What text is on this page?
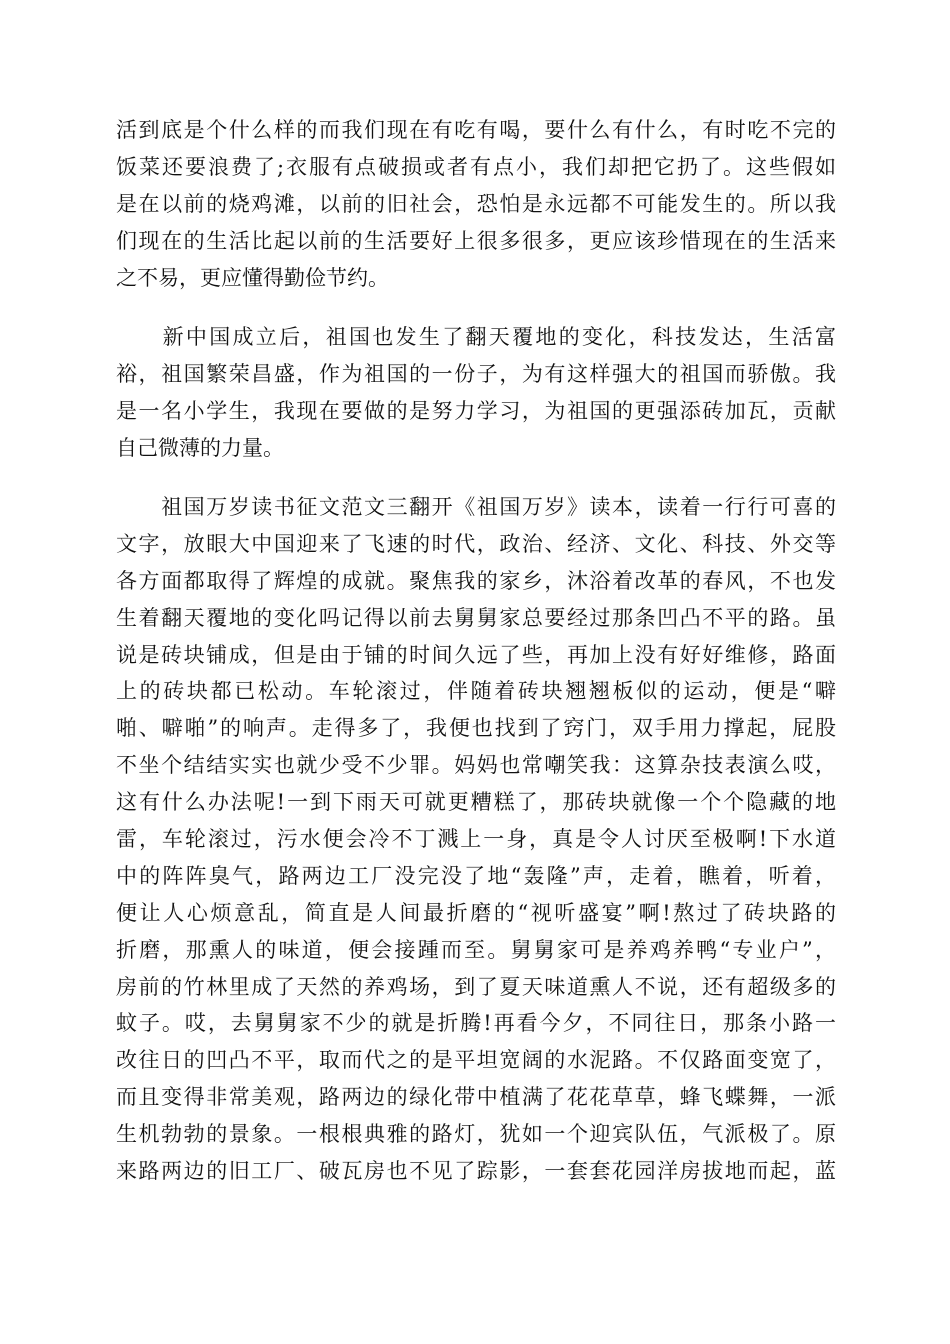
活到底是个什么样的而我们现在有吃有喝，要什么有什么，有时吃不完的
饭菜还要浪费了;衣服有点破损或者有点小，我们却把它扔了。这些假如
是在以前的烧鸡滩，以前的旧社会，恐怕是永远都不可能发生的。所以我
们现在的生活比起以前的生活要好上很多很多，更应该珍惜现在的生活来
之不易，更应懂得勤俭节约。
　　新中国成立后，祖国也发生了翻天覆地的变化，科技发达，生活富
裕，祖国繁荣昌盛，作为祖国的一份子，为有这样强大的祖国而骄傲。我
是一名小学生，我现在要做的是努力学习，为祖国的更强添砖加瓦，贡献
自己微薄的力量。
　　祖国万岁读书征文范文三翻开《祖国万岁》读本，读着一行行可喜的
文字，放眼大中国迎来了飞速的时代，政治、经济、文化、科技、外交等
各方面都取得了辉煌的成就。聚焦我的家乡，沐浴着改革的春风，不也发
生着翻天覆地的变化吗记得以前去舅舅家总要经过那条凹凸不平的路。虽
说是砖块铺成，但是由于铺的时间久远了些，再加上没有好好维修，路面
上的砖块都已松动。车轮滚过，伴随着砖块翘翘板似的运动，便是“噼
啪、噼啪”的响声。走得多了，我便也找到了窍门，双手用力撑起，屁股
不坐个结结实实也就少受不少罪。妈妈也常嘲笑我：这算杂技表演么哎，
这有什么办法呢!一到下雨天可就更糟糕了，那砖块就像一个个隐藏的地
雷，车轮滚过，污水便会冷不丁溅上一身，真是令人讨厌至极啊!下水道
中的阵阵臭气，路两边工厂没完没了地“轰隆”声，走着，瞧着，听着，
便让人心烦意乱，简直是人间最折磨的“视听盛宴”啊!熬过了砖块路的
折磨，那熏人的味道，便会接踵而至。舅舅家可是养鸡养鸭“专业户”，
房前的竹林里成了天然的养鸡场，到了夏天味道熏人不说，还有超级多的
蚊子。哎，去舅舅家不少的就是折腾!再看今夕，不同往日，那条小路一
改往日的凹凸不平，取而代之的是平坦宽阔的水泥路。不仅路面变宽了，
而且变得非常美观，路两边的绿化带中植满了花花草草，蜂飞蝶舞，一派
生机勃勃的景象。一根根典雅的路灯，犹如一个迎宾队伍，气派极了。原
来路两边的旧工厂、破瓦房也不见了踪影，一套套花园洋房拔地而起，蓝
